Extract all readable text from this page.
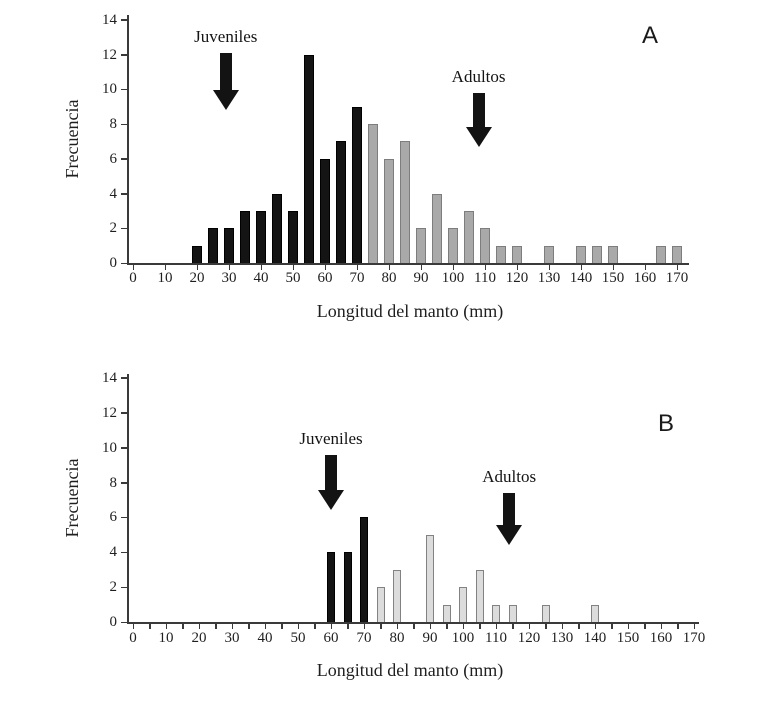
0
2
4
6
8
10
12
14
0	10	20	30	40	50	60	70	80	90 100 110 120 130 140 150 160 170
Juveniles
Adultos
Frecuencia
Longitud del manto (mm)
A
0
2
4
6
8
10
12
14
0	10	20	30	40	50	60	70	80	90 100 110 120 130 140 150 160 170
Juveniles
Adultos
Frecuencia
Longitud del manto (mm)
B
